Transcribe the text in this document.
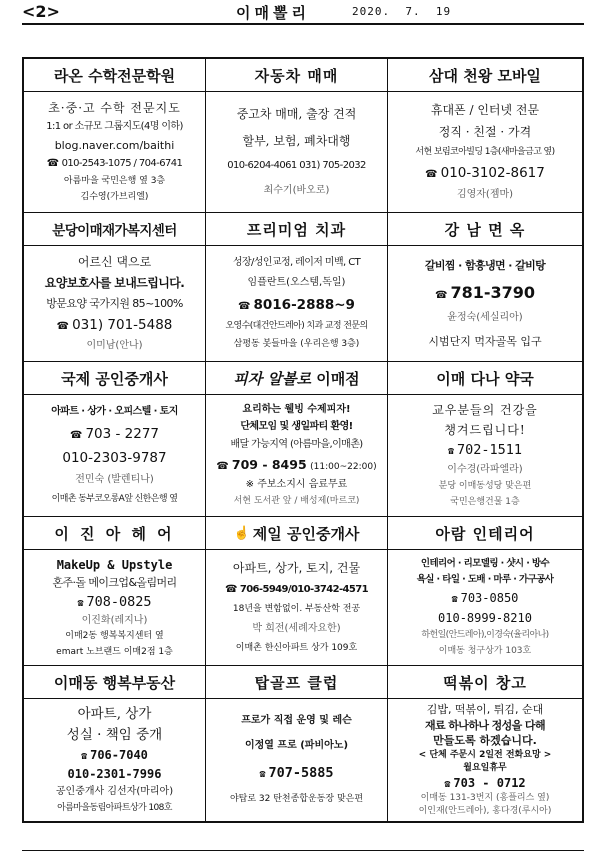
<2>	이매뽈리	2020.  7.  19
라온 수학전문학원
초·중·고 수학 전문지도
1:1 or 소규모 그룹지도(4명 이하)
blog.naver.com/baithi
☎ 010-2543-1075 / 704-6741
아름마을 국민은행 옆 3층
김수영(가브리엘)
자동차 매매
중고차 매매, 출장 견적
할부, 보험, 폐차대행
010-6204-4061 031) 705-2032
최수기(바오로)
삼대 천왕 모바일
휴대폰 / 인터넷 전문
정직 · 친절 · 가격
서현 보림코아빌딩 1층(새마을금고 옆)
☎ 010-3102-8617
김영자(젬마)
분당이매재가복지센터
어르신 댁으로
요양보호사를 보내드립니다.
방문요양 국가지원 85~100%
☎ 031) 701-5488
이미남(안나)
프리미엄 치과
성장/성인교정, 레이저 미백, CT
임플란트(오스템,독일)
☎ 8016-2888~9
오영수(대건안드레아) 치과 교정 전문의
삼평동 봇들마을 (우리은행 3층)
강 남 면 옥
갈비찜 · 함흥냉면 · 갈비탕
☎ 781-3790
윤정숙(세실리아)
시범단지 먹자골목 입구
국제 공인중개사
아파트 · 상가 · 오피스텔 · 토지
☎ 703 - 2277
010-2303-9787
전민숙 (발렌티나)
이매촌 동부코오롱A앞 신한은행 옆
피자 알볼로 이매점
요리하는 웰빙 수제피자!
단체모임 및 생일파티 환영!
배달 가능지역 (아름마을,이매촌)
☎ 709 - 8495 (11:00~22:00)
※ 주보소지시 음료무료
서현 도서관 앞 / 배성제(마르코)
이매 다나 약국
교우분들의 건강을
챙겨드립니다!
☎ 702-1511
이수경(라파엘라)
분당 이매동성당 맞은편
국민은행건물 1층
이 진 아 헤 어
MakeUp & Upstyle
혼주·돌 메이크업&올림머리
☎ 708-0825
이진화(레지나)
이매2동 행복복지센터 옆
emart 노브랜드 이매2점 1층
☝ 제일 공인중개사
아파트, 상가, 토지, 건물
☎ 706-5949/010-3742-4571
18년을 변함없이. 부동산학 전공
박 희전(세례자요한)
이매촌 한신아파트 상가 109호
아람 인테리어
인테리어 · 리모델링 · 샷시 · 방수
욕실 · 타일 · 도배 · 마루 · 가구공사
☎ 703-0850
010-8999-8210
하헌일(안드레아),이경숙(율리아나)
이매동 청구상가 103호
이매동 행복부동산
아파트, 상가
성실 · 책임 중개
☎ 706-7040
010-2301-7996
공인중개사 김선자(마리아)
아름마을동림아파트상가 108호
탑골프 클럽
프로가 직접 운영 및 레슨
이정열 프로 (파비아노)
☎ 707-5885
야탑로 32 탄천종합운동장 맞은편
떡볶이 창고
김밥, 떡볶이, 튀김, 순대
재료 하나하나 정성을 다해
만들도록 하겠습니다.
< 단체 주문시 2일전 전화요망 >
월요일휴무
☎ 703 - 0712
이매동 131-3번지 (홍플리스 옆)
이인재(안드레아), 홍다경(루시아)
